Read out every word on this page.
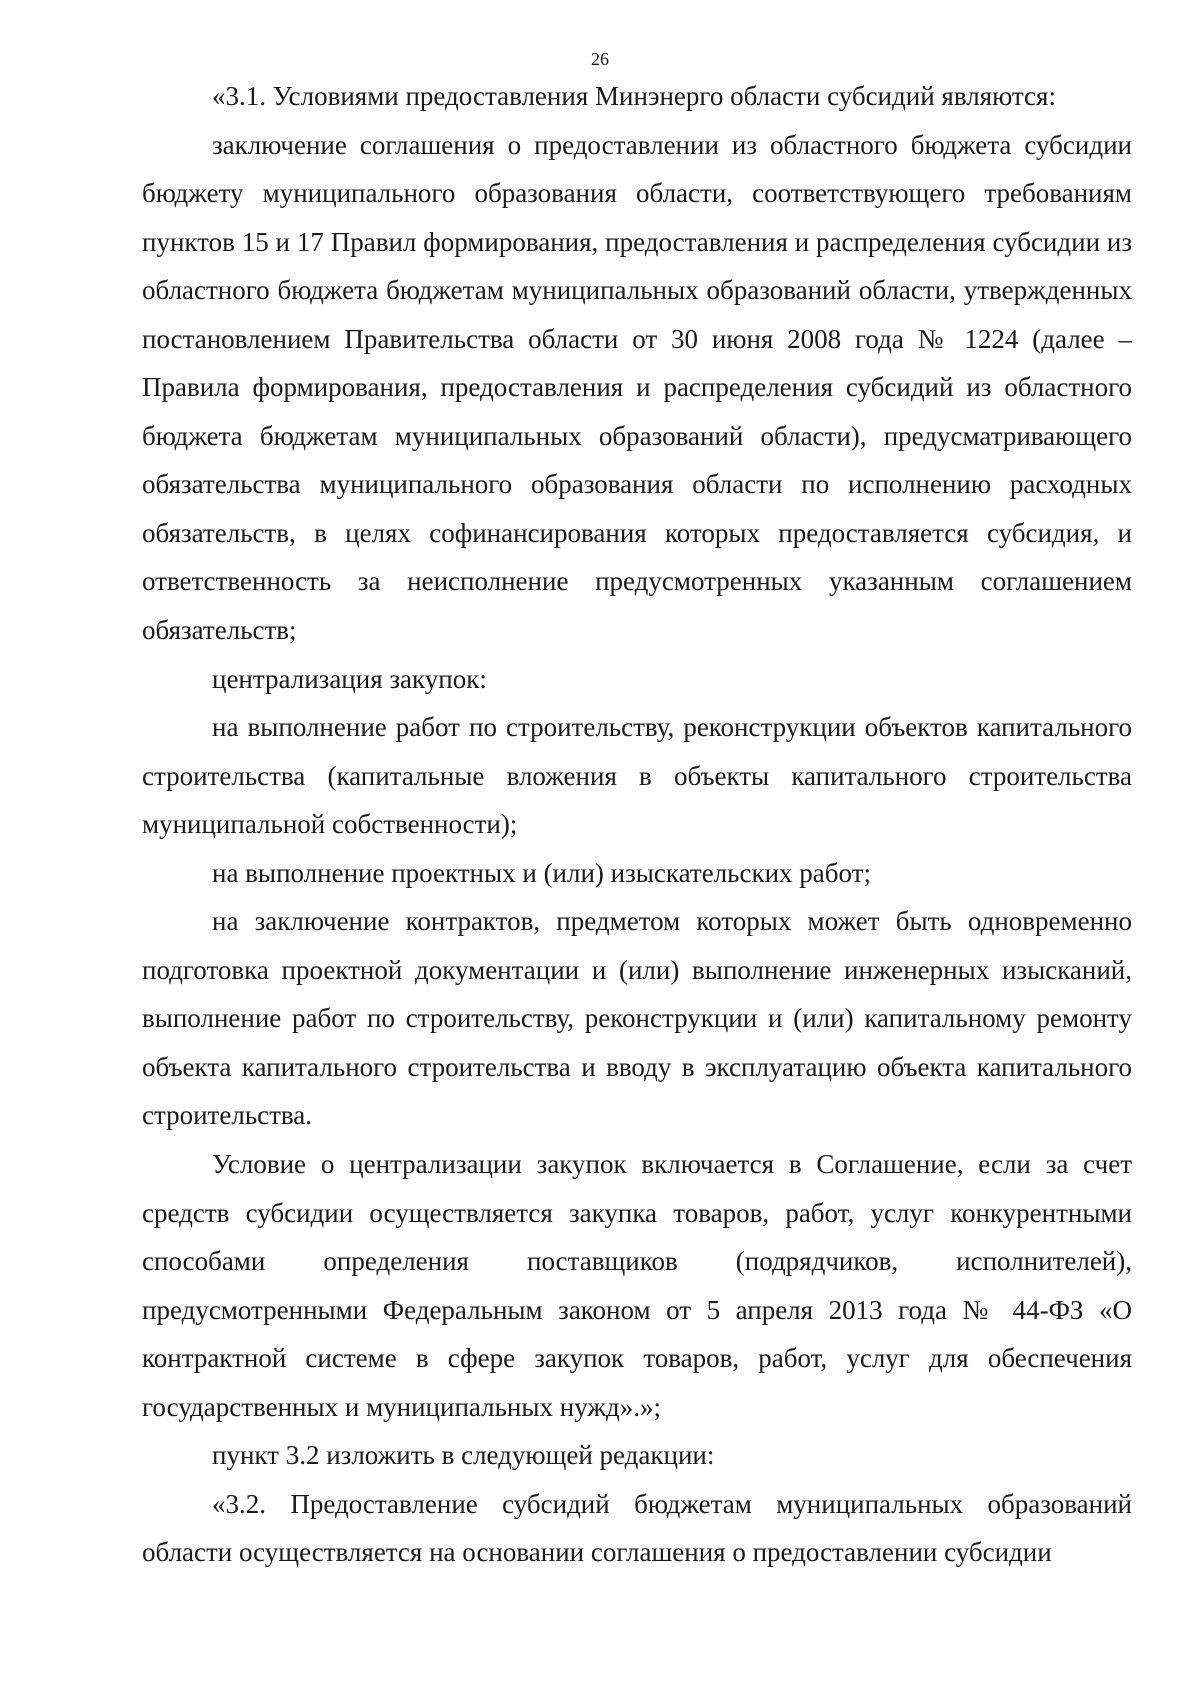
26

«3.1. Условиями предоставления Минэнерго области субсидий являются:

заключение соглашения о предоставлении из областного бюджета субсидии бюджету муниципального образования области, соответствующего требованиям пунктов 15 и 17 Правил формирования, предоставления и распределения субсидии из областного бюджета бюджетам муниципальных образований области, утвержденных постановлением Правительства области от 30 июня 2008 года № 1224 (далее – Правила формирования, предоставления и распределения субсидий из областного бюджета бюджетам муниципальных образований области), предусматривающего обязательства муниципального образования области по исполнению расходных обязательств, в целях софинансирования которых предоставляется субсидия, и ответственность за неисполнение предусмотренных указанным соглашением обязательств;

централизация закупок:

на выполнение работ по строительству, реконструкции объектов капитального строительства (капитальные вложения в объекты капитального строительства муниципальной собственности);

на выполнение проектных и (или) изыскательских работ;

на заключение контрактов, предметом которых может быть одновременно подготовка проектной документации и (или) выполнение инженерных изысканий, выполнение работ по строительству, реконструкции и (или) капитальному ремонту объекта капитального строительства и вводу в эксплуатацию объекта капитального строительства.

Условие о централизации закупок включается в Соглашение, если за счет средств субсидии осуществляется закупка товаров, работ, услуг конкурентными способами определения поставщиков (подрядчиков, исполнителей), предусмотренными Федеральным законом от 5 апреля 2013 года № 44-ФЗ «О контрактной системе в сфере закупок товаров, работ, услуг для обеспечения государственных и муниципальных нужд».»;

пункт 3.2 изложить в следующей редакции:

«3.2. Предоставление субсидий бюджетам муниципальных образований области осуществляется на основании соглашения о предоставлении субсидии
